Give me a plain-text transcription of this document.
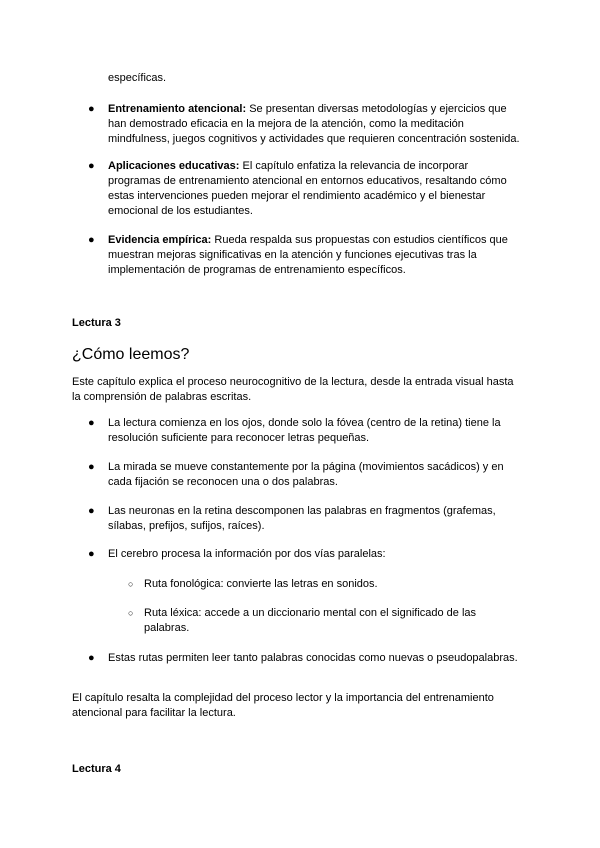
específicas.
● Entrenamiento atencional: Se presentan diversas metodologías y ejercicios que
han demostrado eficacia en la mejora de la atención, como la meditación
mindfulness, juegos cognitivos y actividades que requieren concentración sostenida.
● Aplicaciones educativas: El capítulo enfatiza la relevancia de incorporar
programas de entrenamiento atencional en entornos educativos, resaltando cómo
estas intervenciones pueden mejorar el rendimiento académico y el bienestar
emocional de los estudiantes.
● Evidencia empírica: Rueda respalda sus propuestas con estudios científicos que
muestran mejoras significativas en la atención y funciones ejecutivas tras la
implementación de programas de entrenamiento específicos.
Lectura 3
¿Cómo leemos?
Este capítulo explica el proceso neurocognitivo de la lectura, desde la entrada visual hasta
la comprensión de palabras escritas.
● La lectura comienza en los ojos, donde solo la fóvea (centro de la retina) tiene la
resolución suficiente para reconocer letras pequeñas.
● La mirada se mueve constantemente por la página (movimientos sacádicos) y en
cada fijación se reconocen una o dos palabras.
● Las neuronas en la retina descomponen las palabras en fragmentos (grafemas,
sílabas, prefijos, sufijos, raíces).
● El cerebro procesa la información por dos vías paralelas:
○ Ruta fonológica: convierte las letras en sonidos.
○ Ruta léxica: accede a un diccionario mental con el significado de las
palabras.
● Estas rutas permiten leer tanto palabras conocidas como nuevas o pseudopalabras.
El capítulo resalta la complejidad del proceso lector y la importancia del entrenamiento
atencional para facilitar la lectura.
Lectura 4
